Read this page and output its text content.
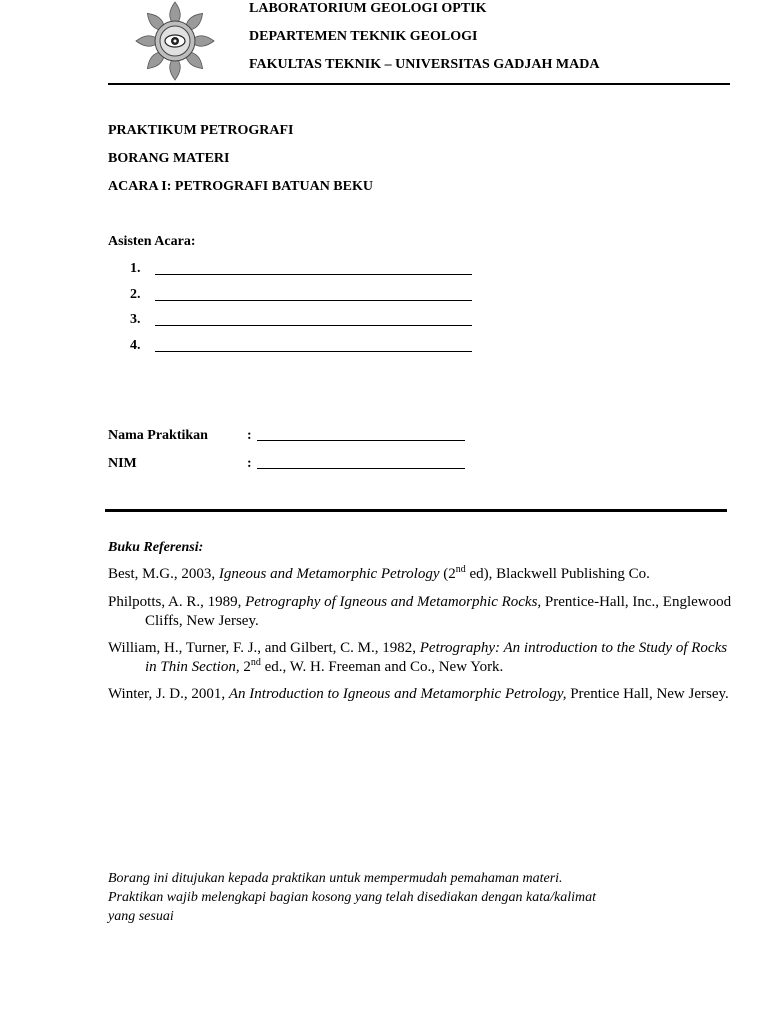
LABORATORIUM GEOLOGI OPTIK
DEPARTEMEN TEKNIK GEOLOGI
FAKULTAS TEKNIK – UNIVERSITAS GADJAH MADA
PRAKTIKUM PETROGRAFI
BORANG MATERI
ACARA I: PETROGRAFI BATUAN BEKU
Asisten Acara:
1.
2.
3.
4.
Nama Praktikan	:
NIM	:
Buku Referensi:
Best, M.G., 2003, Igneous and Metamorphic Petrology (2nd ed), Blackwell Publishing Co.
Philpotts, A. R., 1989, Petrography of Igneous and Metamorphic Rocks, Prentice-Hall, Inc., Englewood Cliffs, New Jersey.
William, H., Turner, F. J., and Gilbert, C. M., 1982, Petrography: An introduction to the Study of Rocks in Thin Section, 2nd ed., W. H. Freeman and Co., New York.
Winter, J. D., 2001, An Introduction to Igneous and Metamorphic Petrology, Prentice Hall, New Jersey.
Borang ini ditujukan kepada praktikan untuk mempermudah pemahaman materi.
Praktikan wajib melengkapi bagian kosong yang telah disediakan dengan kata/kalimat
yang sesuai
